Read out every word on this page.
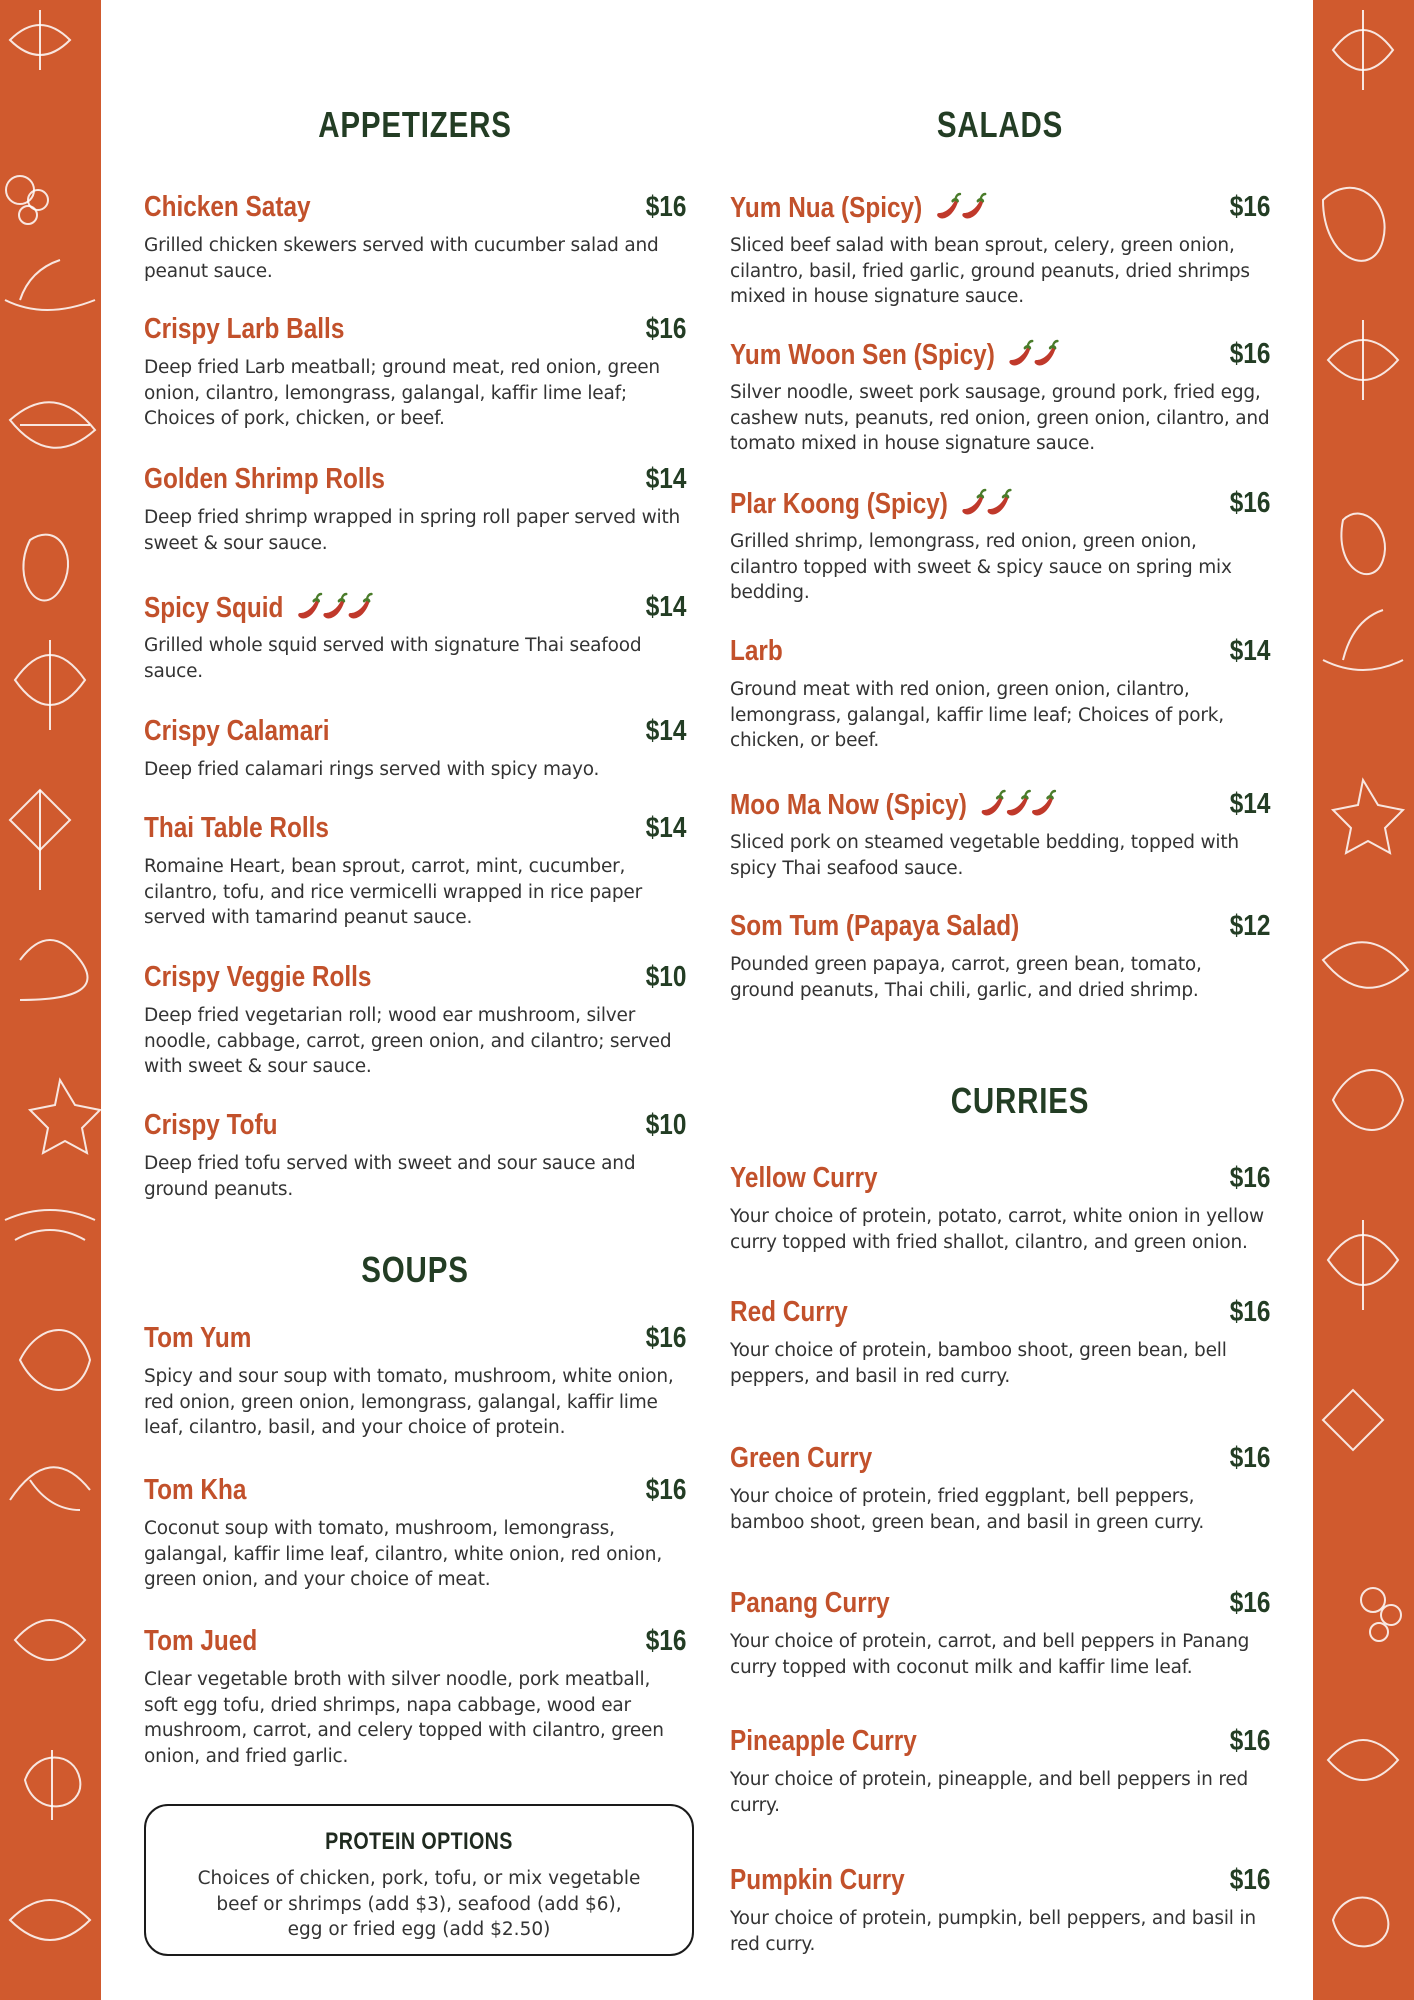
APPETIZERS
Chicken Satay	$16
Grilled chicken skewers served with cucumber salad and peanut sauce.
Crispy Larb Balls	$16
Deep fried Larb meatball; ground meat, red onion, green onion, cilantro, lemongrass, galangal, kaffir lime leaf; Choices of pork, chicken, or beef.
Golden Shrimp Rolls	$14
Deep fried shrimp wrapped in spring roll paper served with sweet & sour sauce.
Spicy Squid	$14
Grilled whole squid served with signature Thai seafood sauce.
Crispy Calamari	$14
Deep fried calamari rings served with spicy mayo.
Thai Table Rolls	$14
Romaine Heart, bean sprout, carrot, mint, cucumber, cilantro, tofu, and rice vermicelli wrapped in rice paper served with tamarind peanut sauce.
Crispy Veggie Rolls	$10
Deep fried vegetarian roll; wood ear mushroom, silver noodle, cabbage, carrot, green onion, and cilantro; served with sweet & sour sauce.
Crispy Tofu	$10
Deep fried tofu served with sweet and sour sauce and ground peanuts.
SOUPS
Tom Yum	$16
Spicy and sour soup with tomato, mushroom, white onion, red onion, green onion, lemongrass, galangal, kaffir lime leaf, cilantro, basil, and your choice of protein.
Tom Kha	$16
Coconut soup with tomato, mushroom, lemongrass, galangal, kaffir lime leaf, cilantro, white onion, red onion, green onion, and your choice of meat.
Tom Jued	$16
Clear vegetable broth with silver noodle, pork meatball, soft egg tofu, dried shrimps, napa cabbage, wood ear mushroom, carrot, and celery topped with cilantro, green onion, and fried garlic.
PROTEIN OPTIONS
Choices of chicken, pork, tofu, or mix vegetable
beef or shrimps (add $3), seafood (add $6),
egg or fried egg (add $2.50)
SALADS
Yum Nua (Spicy)	$16
Sliced beef salad with bean sprout, celery, green onion, cilantro, basil, fried garlic, ground peanuts, dried shrimps mixed in house signature sauce.
Yum Woon Sen (Spicy)	$16
Silver noodle, sweet pork sausage, ground pork, fried egg, cashew nuts, peanuts, red onion, green onion, cilantro, and tomato mixed in house signature sauce.
Plar Koong (Spicy)	$16
Grilled shrimp, lemongrass, red onion, green onion, cilantro topped with sweet & spicy sauce on spring mix bedding.
Larb	$14
Ground meat with red onion, green onion, cilantro, lemongrass, galangal, kaffir lime leaf; Choices of pork, chicken, or beef.
Moo Ma Now (Spicy)	$14
Sliced pork on steamed vegetable bedding, topped with spicy Thai seafood sauce.
Som Tum (Papaya Salad)	$12
Pounded green papaya, carrot, green bean, tomato, ground peanuts, Thai chili, garlic, and dried shrimp.
CURRIES
Yellow Curry	$16
Your choice of protein, potato, carrot, white onion in yellow curry topped with fried shallot, cilantro, and green onion.
Red Curry	$16
Your choice of protein, bamboo shoot, green bean, bell peppers, and basil in red curry.
Green Curry	$16
Your choice of protein, fried eggplant, bell peppers, bamboo shoot, green bean, and basil in green curry.
Panang Curry	$16
Your choice of protein, carrot, and bell peppers in Panang curry topped with coconut milk and kaffir lime leaf.
Pineapple Curry	$16
Your choice of protein, pineapple, and bell peppers in red curry.
Pumpkin Curry	$16
Your choice of protein, pumpkin, bell peppers, and basil in red curry.
